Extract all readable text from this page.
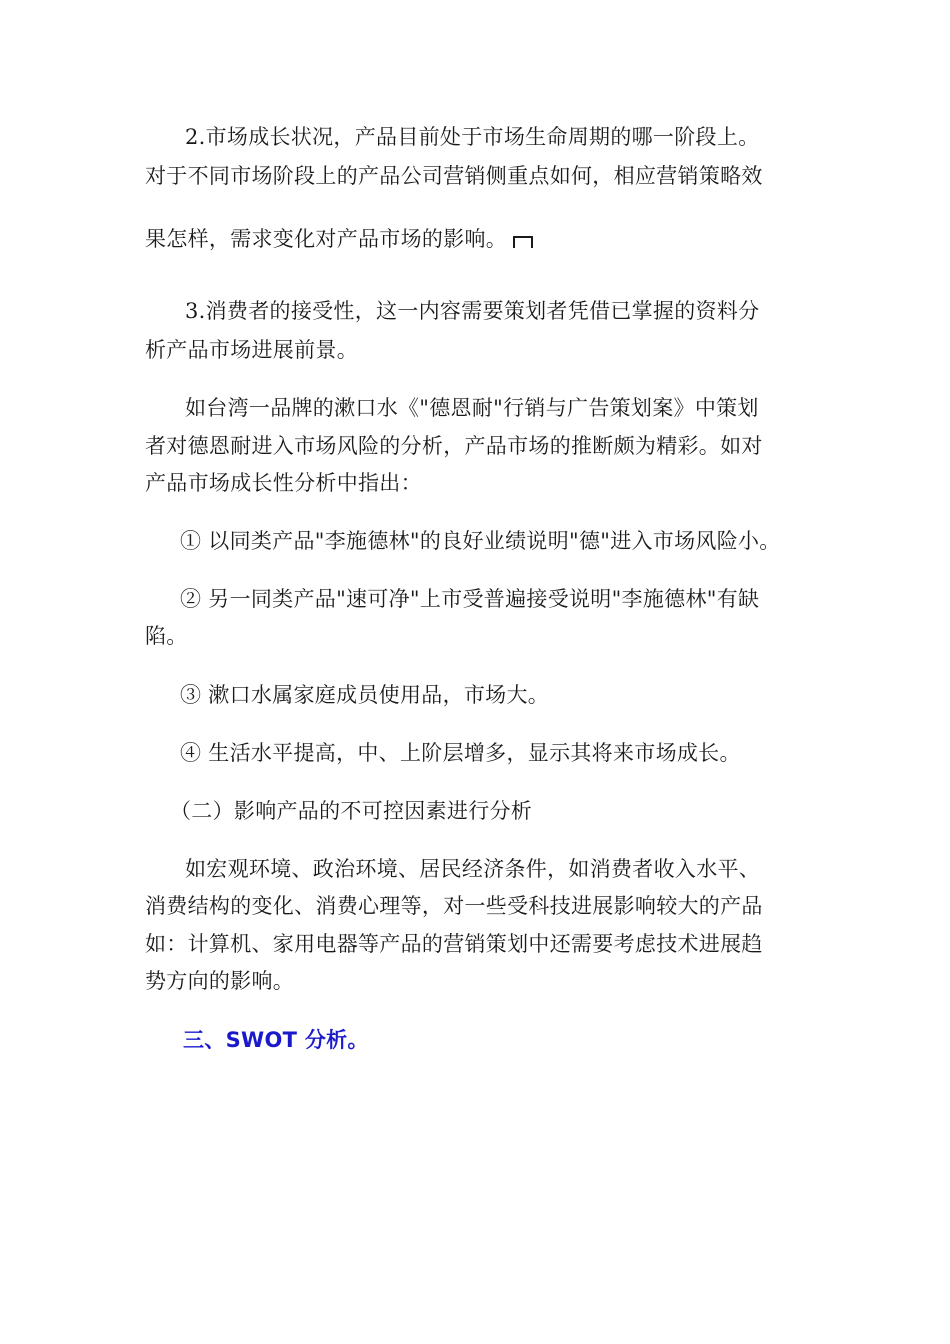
2.市场成长状况，产品目前处于市场生命周期的哪一阶段上。
对于不同市场阶段上的产品公司营销侧重点如何，相应营销策略效
果怎样，需求变化对产品市场的影响。
3.消费者的接受性，这一内容需要策划者凭借已掌握的资料分
析产品市场进展前景。
如台湾一品牌的漱口水《"德恩耐"行销与广告策划案》中策划
者对德恩耐进入市场风险的分析，产品市场的推断颇为精彩。如对
产品市场成长性分析中指出：
① 以同类产品"李施德林"的良好业绩说明"德"进入市场风险小。
② 另一同类产品"速可净"上市受普遍接受说明"李施德林"有缺
陷。
③ 漱口水属家庭成员使用品，市场大。
④ 生活水平提高，中、上阶层增多，显示其将来市场成长。
（二）影响产品的不可控因素进行分析
如宏观环境、政治环境、居民经济条件，如消费者收入水平、
消费结构的变化、消费心理等，对一些受科技进展影响较大的产品
如：计算机、家用电器等产品的营销策划中还需要考虑技术进展趋
势方向的影响。
三、SWOT 分析。
